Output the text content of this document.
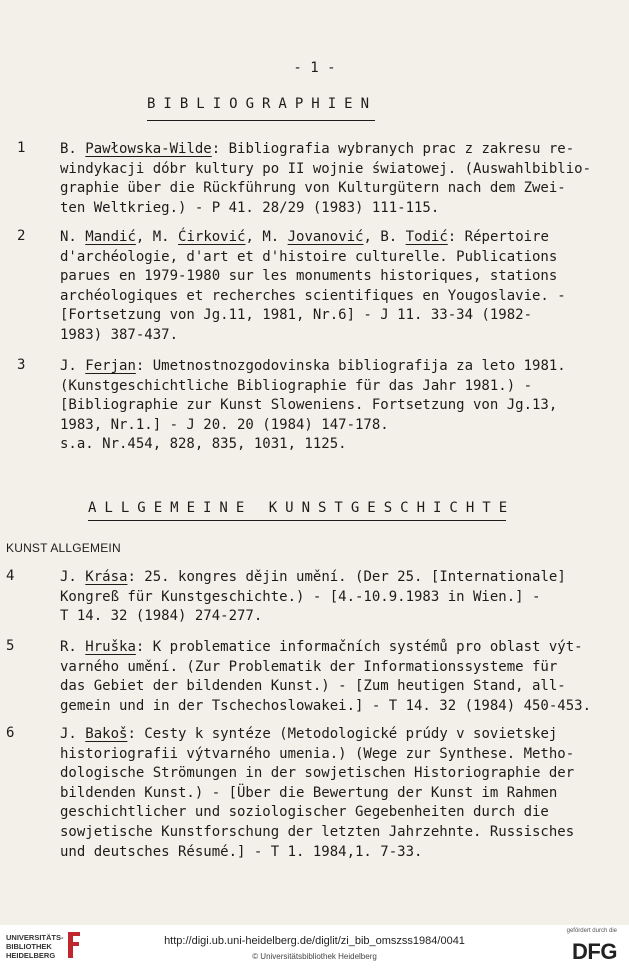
- 1 -
BIBLIOGRAPHIEN
1 B. Pawłowska-Wilde: Bibliografia wybranych prac z zakresu re-
windykacji dóbr kultury po II wojnie światowej. (Auswahlbiblio-
graphie über die Rückführung von Kulturgütern nach dem Zwei-
ten Weltkrieg.) - P 41. 28/29 (1983) 111-115.
2 N. Mandić, M. Ćirković, M. Jovanović, B. Todić: Répertoire
d'archéologie, d'art et d'histoire culturelle. Publications
parues en 1979-1980 sur les monuments historiques, stations
archéologiques et recherches scientifiques en Yougoslavie. -
[Fortsetzung von Jg.11, 1981, Nr.6] - J 11. 33-34 (1982-
1983) 387-437.
3 J. Ferjan: Umetnostnozgodovinska bibliografija za leto 1981.
(Kunstgeschichtliche Bibliographie für das Jahr 1981.) -
[Bibliographie zur Kunst Sloweniens. Fortsetzung von Jg.13,
1983, Nr.1.] - J 20. 20 (1984) 147-178.
s.a. Nr.454, 828, 835, 1031, 1125.
ALLGEMEINE KUNSTGESCHICHTE
KUNST ALLGEMEIN
4	J. Krása: 25. kongres dějin umění. (Der 25. [Internationale]
Kongreß für Kunstgeschichte.) - [4.-10.9.1983 in Wien.] -
T 14. 32 (1984) 274-277.
5	R. Hruška: K problematice informačních systémů pro oblast výt-
varného umění. (Zur Problematik der Informationssysteme für
das Gebiet der bildenden Kunst.) - [Zum heutigen Stand, all-
gemein und in der Tschechoslowakei.] - T 14. 32 (1984) 450-453.
6	J. Bakoš: Cesty k syntéze (Metodologické prúdy v sovietskej
historiografii výtvarného umenia.) (Wege zur Synthese. Metho-
dologische Strömungen in der sowjetischen Historiographie der
bildenden Kunst.) - [Über die Bewertung der Kunst im Rahmen
geschichtlicher und soziologischer Gegebenheiten durch die
sowjetische Kunstforschung der letzten Jahrzehnte. Russisches
und deutsches Résumé.] - T 1. 1984,1. 7-33.
UNIVERSITÄTS-
BIBLIOTHEK
HEIDELBERG
http://digi.ub.uni-heidelberg.de/diglit/zi_bib_omszss1984/0041
© Universitätsbibliothek Heidelberg
gefördert durch die
DFG
